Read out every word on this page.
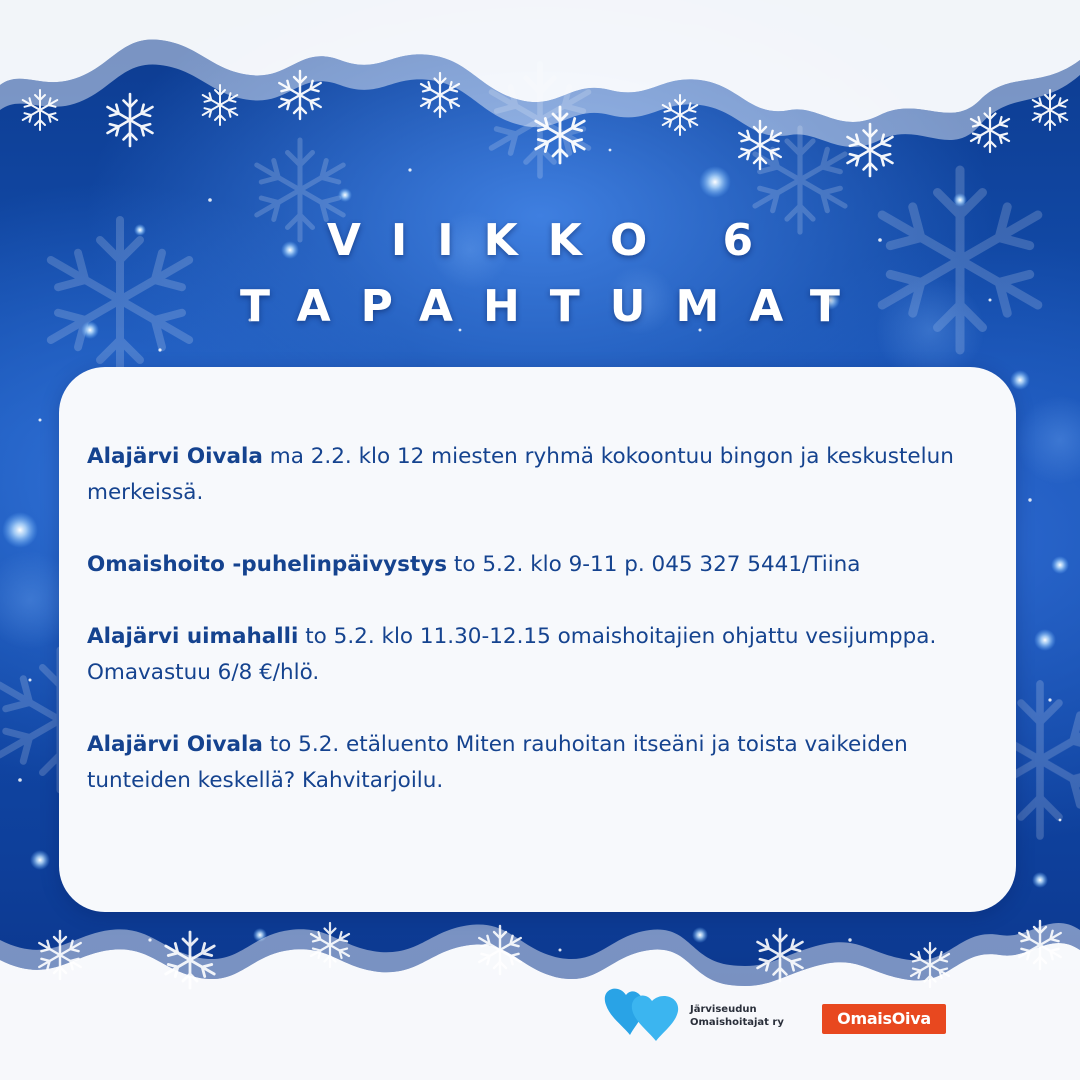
VIIKKO 6
TAPAHTUMAT
Alajärvi Oivala ma 2.2. klo 12 miesten ryhmä kokoontuu bingon ja keskustelun merkeissä.
Omaishoito -puhelinpäivystys to 5.2. klo 9-11 p. 045 327 5441/Tiina
Alajärvi uimahalli to 5.2. klo 11.30-12.15 omaishoitajien ohjattu vesijumppa. Omavastuu 6/8 €/hlö.
Alajärvi Oivala to 5.2. etäluento Miten rauhoitan itseäni ja toista vaikeiden tunteiden keskellä? Kahvitarjoilu.
Järviseudun
Omaishoitajat ry	OmaisOiva
